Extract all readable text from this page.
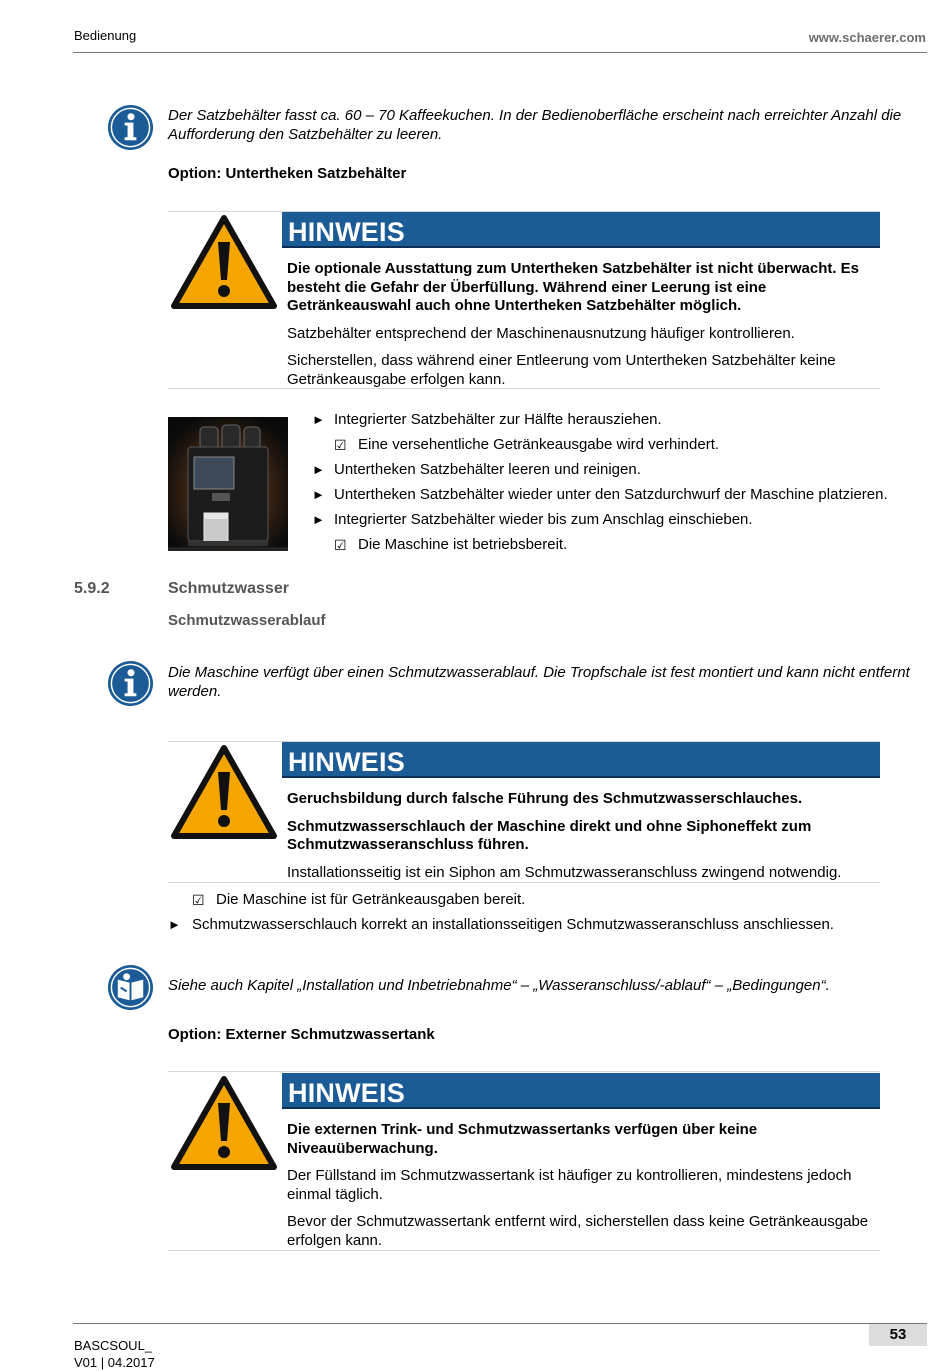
Bedienung	www.schaerer.com
Der Satzbehälter fasst ca. 60 – 70 Kaffeekuchen. In der Bedienoberfläche erscheint nach erreichter Anzahl die Aufforderung den Satzbehälter zu leeren.
Option: Untertheken Satzbehälter
HINWEIS

Die optionale Ausstattung zum Untertheken Satzbehälter ist nicht überwacht. Es besteht die Gefahr der Überfüllung. Während einer Leerung ist eine Getränkeauswahl auch ohne Untertheken Satzbehälter möglich.

Satzbehälter entsprechend der Maschinenausnutzung häufiger kontrollieren.

Sicherstellen, dass während einer Entleerung vom Untertheken Satzbehälter keine Getränkeausgabe erfolgen kann.

► Integrierter Satzbehälter zur Hälfte herausziehen.
☑ Eine versehentliche Getränkeausgabe wird verhindert.
► Untertheken Satzbehälter leeren und reinigen.
► Untertheken Satzbehälter wieder unter den Satzdurchwurf der Maschine platzieren.
► Integrierter Satzbehälter wieder bis zum Anschlag einschieben.
☑ Die Maschine ist betriebsbereit.
5.9.2	Schmutzwasser
Schmutzwasserablauf
Die Maschine verfügt über einen Schmutzwasserablauf. Die Tropfschale ist fest montiert und kann nicht entfernt werden.
HINWEIS

Geruchsbildung durch falsche Führung des Schmutzwasserschlauches.

Schmutzwasserschlauch der Maschine direkt und ohne Siphoneffekt zum Schmutzwasseranschluss führen.

Installationsseitig ist ein Siphon am Schmutzwasseranschluss zwingend notwendig.

☑ Die Maschine ist für Getränkeausgaben bereit.
► Schmutzwasserschlauch korrekt an installationsseitigen Schmutzwasseranschluss anschliessen.
Siehe auch Kapitel „Installation und Inbetriebnahme“ – „Wasseranschluss/-ablauf“ – „Bedingungen“.
Option: Externer Schmutzwassertank
HINWEIS

Die externen Trink- und Schmutzwassertanks verfügen über keine Niveauüberwachung.

Der Füllstand im Schmutzwassertank ist häufiger zu kontrollieren, mindestens jedoch einmal täglich.

Bevor der Schmutzwassertank entfernt wird, sicherstellen dass keine Getränkeausgabe erfolgen kann.

BASCSOUL_
V01 | 04.2017
53
